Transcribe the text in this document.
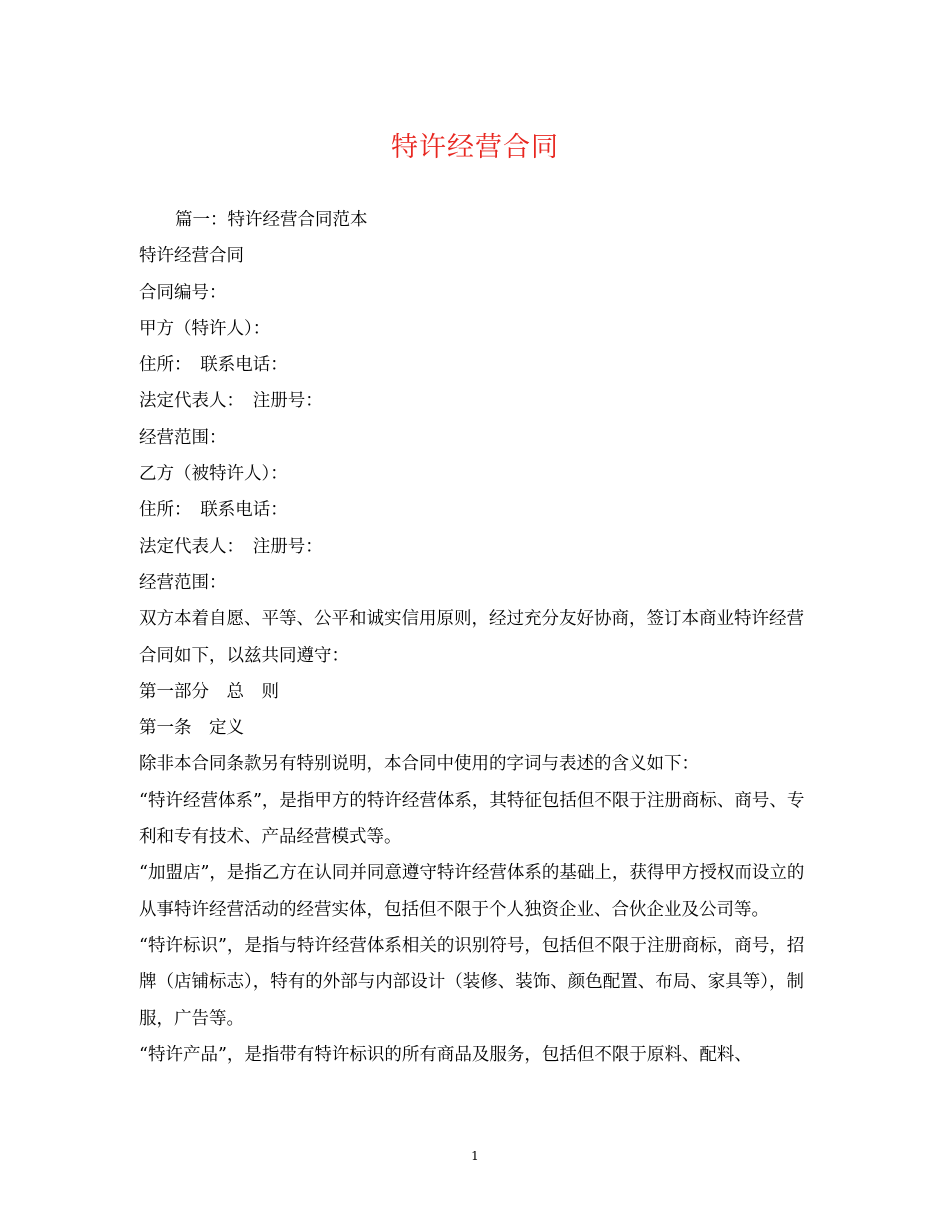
特许经营合同

篇一：特许经营合同范本

特许经营合同

合同编号：

甲方（特许人）：

住所：　联系电话：

法定代表人：　注册号：

经营范围：

乙方（被特许人）：

住所：　联系电话：

法定代表人：　注册号：

经营范围：

双方本着自愿、平等、公平和诚实信用原则，经过充分友好协商，签订本商业特许经营合同如下，以兹共同遵守：

第一部分　总　则

第一条　定义

除非本合同条款另有特别说明，本合同中使用的字词与表述的含义如下：

“特许经营体系”，是指甲方的特许经营体系，其特征包括但不限于注册商标、商号、专利和专有技术、产品经营模式等。

“加盟店”，是指乙方在认同并同意遵守特许经营体系的基础上，获得甲方授权而设立的从事特许经营活动的经营实体，包括但不限于个人独资企业、合伙企业及公司等。

“特许标识”，是指与特许经营体系相关的识别符号，包括但不限于注册商标，商号，招牌（店铺标志），特有的外部与内部设计（装修、装饰、颜色配置、布局、家具等），制服，广告等。

“特许产品”，是指带有特许标识的所有商品及服务，包括但不限于原料、配料、

1
